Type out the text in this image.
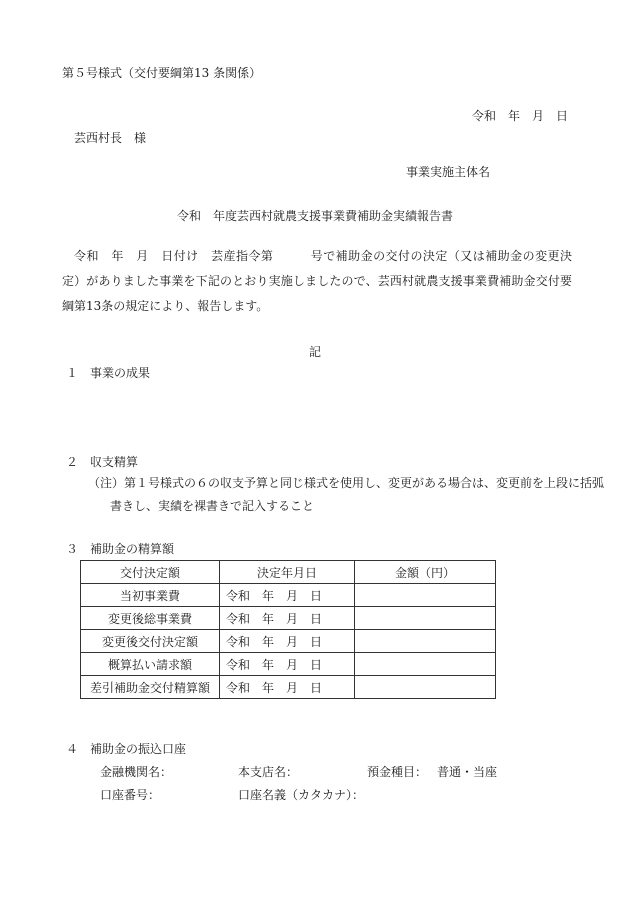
第５号様式（交付要綱第13 条関係）
令和　年　月　日
芸西村長　様
事業実施主体名
令和　年度芸西村就農支援事業費補助金実績報告書
令和　年　月　日付け　芸産指令第　　　号で補助金の交付の決定（又は補助金の変更決定）がありました事業を下記のとおり実施しましたので、芸西村就農支援事業費補助金交付要綱第13条の規定により、報告します。
記
１　事業の成果
２　収支精算
（注）第１号様式の６の収支予算と同じ様式を使用し、変更がある場合は、変更前を上段に括弧
書きし、実績を裸書きで記入すること
３　補助金の精算額
交付決定額	決定年月日	金額（円）
当初事業費	令和　年　月　日	
変更後総事業費	令和　年　月　日	
変更後交付決定額	令和　年　月　日	
概算払い請求額	令和　年　月　日	
差引補助金交付精算額	令和　年　月　日	
４　補助金の振込口座
金融機関名：	本支店名：	預金種目： 普通・当座
口座番号：	口座名義（カタカナ）：
